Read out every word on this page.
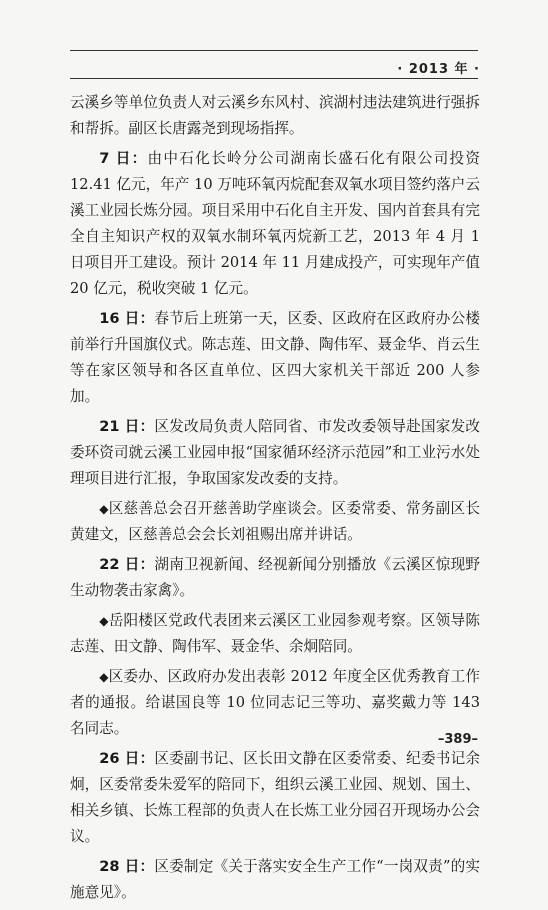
· 2013 年 ·

云溪乡等单位负责人对云溪乡东风村、滨湖村违法建筑进行强拆和帮拆。副区长唐露尧到现场指挥。

7 日：由中石化长岭分公司湖南长盛石化有限公司投资 12.41 亿元，年产 10 万吨环氧丙烷配套双氧水项目签约落户云溪工业园长炼分园。项目采用中石化自主开发、国内首套具有完全自主知识产权的双氧水制环氧丙烷新工艺，2013 年 4 月 1 日项目开工建设。预计 2014 年 11 月建成投产，可实现年产值 20 亿元，税收突破 1 亿元。

16 日：春节后上班第一天，区委、区政府在区政府办公楼前举行升国旗仪式。陈志莲、田文静、陶伟军、聂金华、肖云生等在家区领导和各区直单位、区四大家机关干部近 200 人参加。

21 日：区发改局负责人陪同省、市发改委领导赴国家发改委环资司就云溪工业园申报“国家循环经济示范园”和工业污水处理项目进行汇报，争取国家发改委的支持。

◆区慈善总会召开慈善助学座谈会。区委常委、常务副区长黄建文，区慈善总会会长刘祖赐出席并讲话。

22 日：湖南卫视新闻、经视新闻分别播放《云溪区惊现野生动物袭击家禽》。

◆岳阳楼区党政代表团来云溪区工业园参观考察。区领导陈志莲、田文静、陶伟军、聂金华、余炯陪同。

◆区委办、区政府办发出表彰 2012 年度全区优秀教育工作者的通报。给谌国良等 10 位同志记三等功、嘉奖戴力等 143 名同志。

26 日：区委副书记、区长田文静在区委常委、纪委书记余炯，区委常委朱爱军的陪同下，组织云溪工业园、规划、国土、相关乡镇、长炼工程部的负责人在长炼工业分园召开现场办公会议。

28 日：区委制定《关于落实安全生产工作“一岗双责”的实施意见》。

–389–
